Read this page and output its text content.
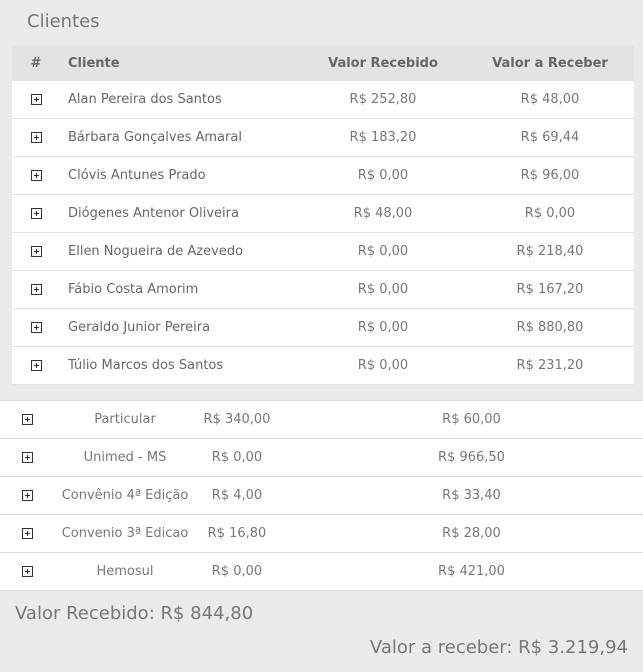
Clientes
#	Cliente	Valor Recebido	Valor a Receber
Alan Pereira dos Santos	R$ 252,80	R$ 48,00
Bárbara Gonçalves Amaral	R$ 183,20	R$ 69,44
Clóvis Antunes Prado	R$ 0,00	R$ 96,00
Diógenes Antenor Oliveira	R$ 48,00	R$ 0,00
Ellen Nogueira de Azevedo	R$ 0,00	R$ 218,40
Fábio Costa Amorim	R$ 0,00	R$ 167,20
Geraldo Junior Pereira	R$ 0,00	R$ 880,80
Túlio Marcos dos Santos	R$ 0,00	R$ 231,20
Particular	R$ 340,00	R$ 60,00
Unimed - MS	R$ 0,00	R$ 966,50
Convênio 4ª Edição	R$ 4,00	R$ 33,40
Convenio 3ª Edicao	R$ 16,80	R$ 28,00
Hemosul	R$ 0,00	R$ 421,00
Valor Recebido: R$ 844,80
Valor a receber: R$ 3.219,94
